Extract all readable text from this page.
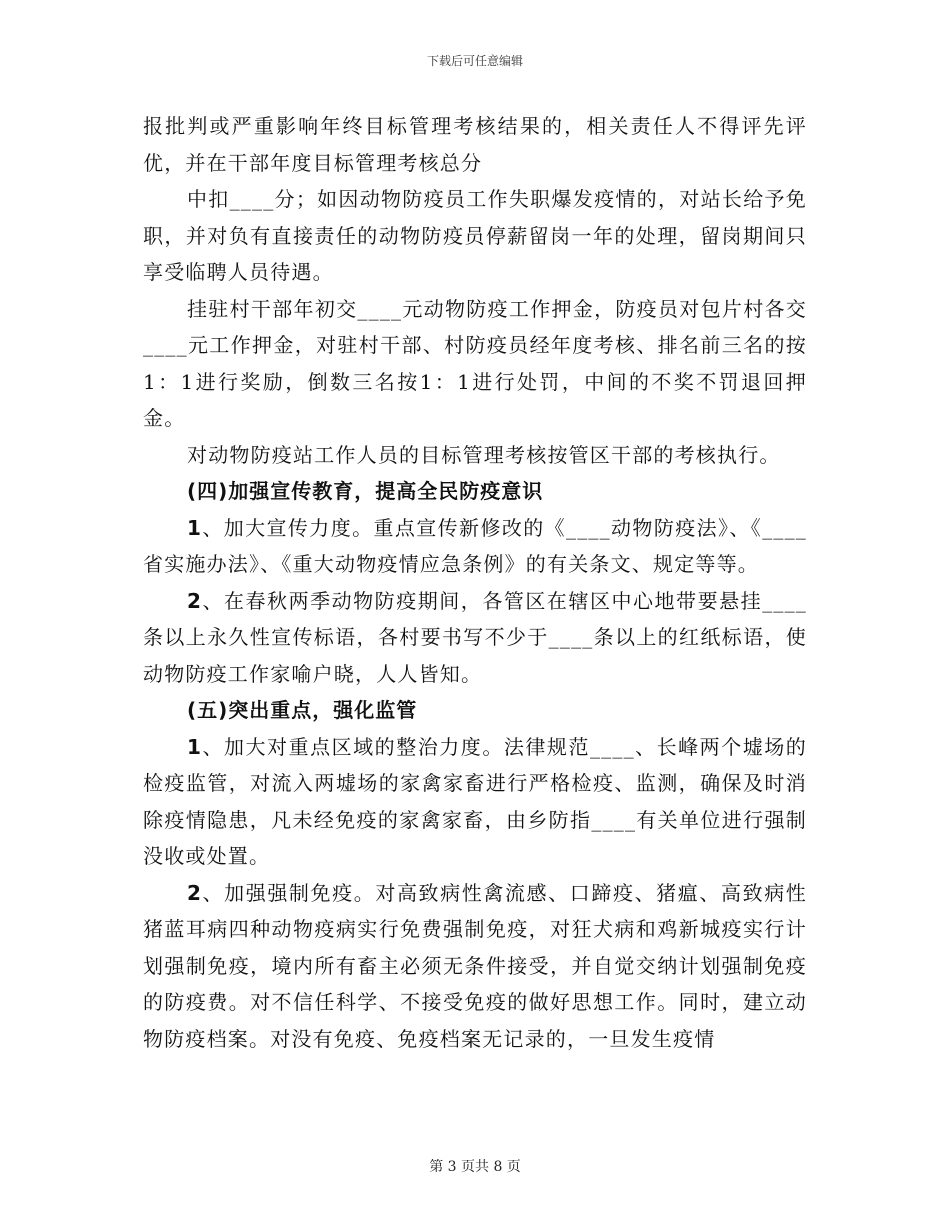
下载后可任意编辑

报批判或严重影响年终目标管理考核结果的，相关责任人不得评先评优，并在干部年度目标管理考核总分

中扣____分；如因动物防疫员工作失职爆发疫情的，对站长给予免职，并对负有直接责任的动物防疫员停薪留岗一年的处理，留岗期间只享受临聘人员待遇。

挂驻村干部年初交____元动物防疫工作押金，防疫员对包片村各交____元工作押金，对驻村干部、村防疫员经年度考核、排名前三名的按1：1进行奖励，倒数三名按1：1进行处罚，中间的不奖不罚退回押金。

对动物防疫站工作人员的目标管理考核按管区干部的考核执行。

(四)加强宣传教育，提高全民防疫意识

1、加大宣传力度。重点宣传新修改的《____动物防疫法》、《____省实施办法》、《重大动物疫情应急条例》的有关条文、规定等等。

2、在春秋两季动物防疫期间，各管区在辖区中心地带要悬挂____条以上永久性宣传标语，各村要书写不少于____条以上的红纸标语，使动物防疫工作家喻户晓，人人皆知。

(五)突出重点，强化监管

1、加大对重点区域的整治力度。法律规范____、长峰两个墟场的检疫监管，对流入两墟场的家禽家畜进行严格检疫、监测，确保及时消除疫情隐患，凡未经免疫的家禽家畜，由乡防指____有关单位进行强制没收或处置。

2、加强强制免疫。对高致病性禽流感、口蹄疫、猪瘟、高致病性猪蓝耳病四种动物疫病实行免费强制免疫，对狂犬病和鸡新城疫实行计划强制免疫，境内所有畜主必须无条件接受，并自觉交纳计划强制免疫的防疫费。对不信任科学、不接受免疫的做好思想工作。同时，建立动物防疫档案。对没有免疫、免疫档案无记录的，一旦发生疫情

第 3 页共 8 页
